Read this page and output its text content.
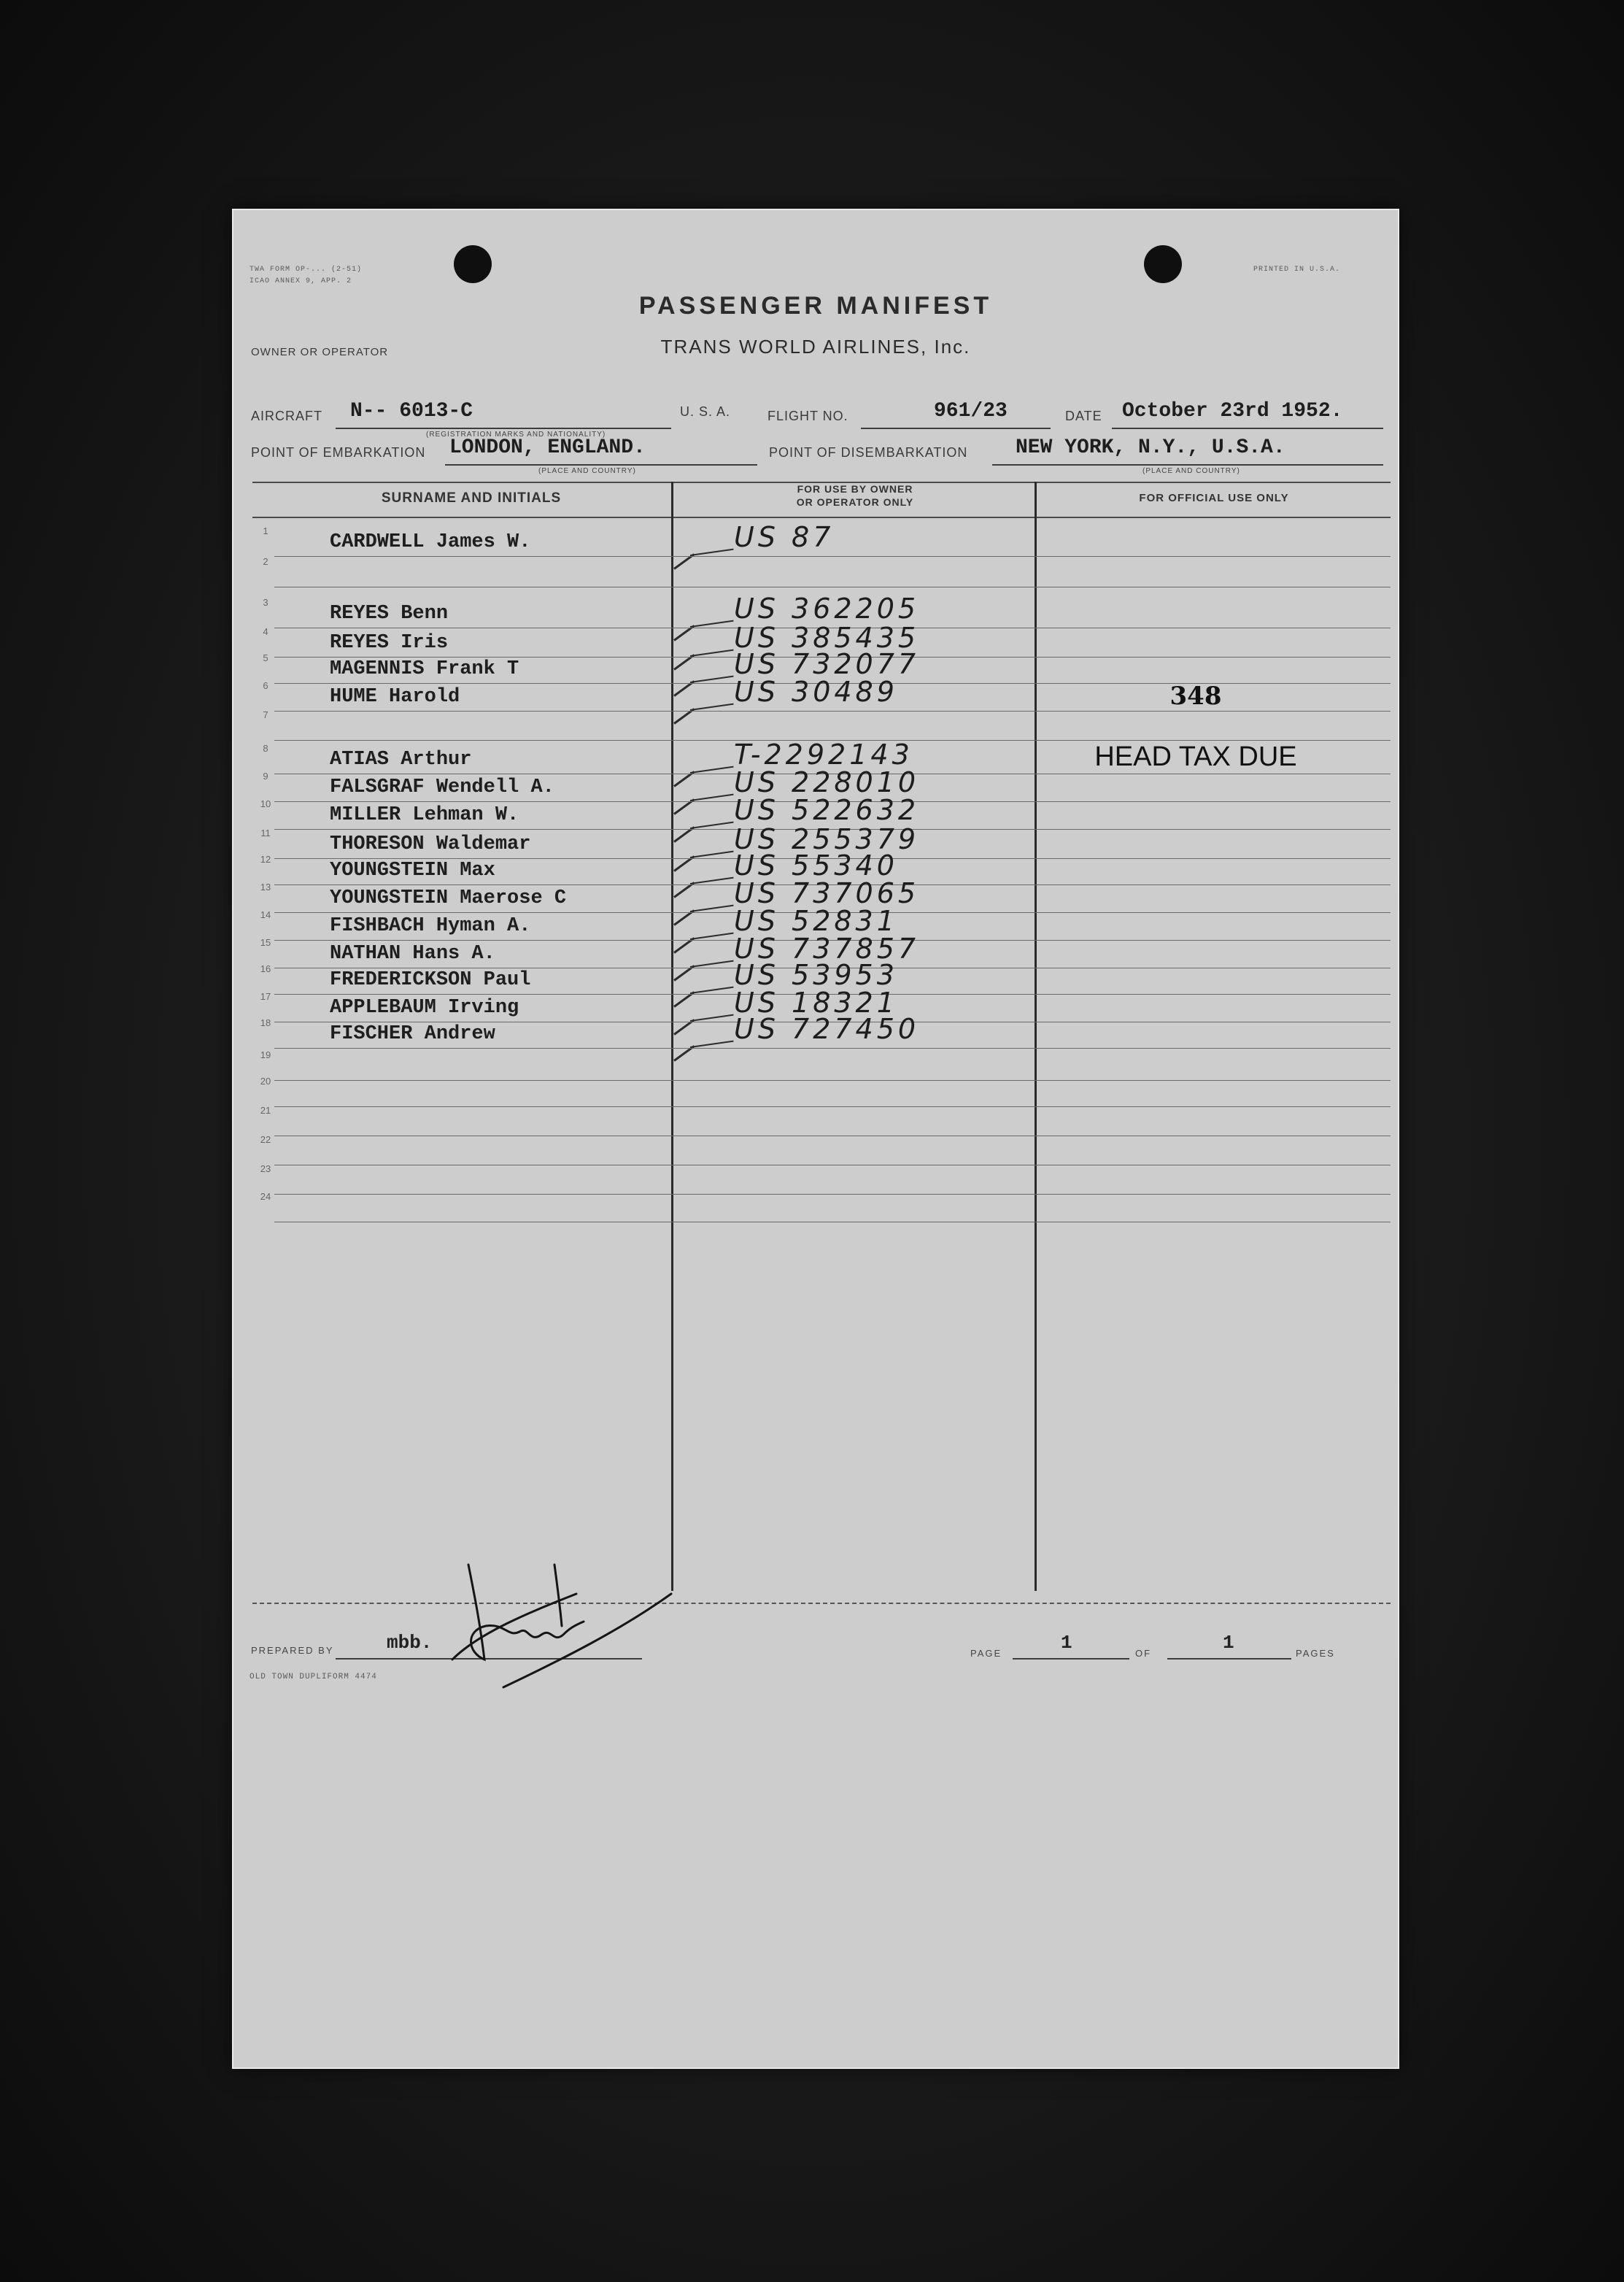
TWA FORM OP-... (2-51)
ICAO ANNEX 9, APP. 2
PRINTED IN U.S.A.
PASSENGER MANIFEST
TRANS WORLD AIRLINES, Inc.
OWNER OR OPERATOR
AIRCRAFT N-- 6013-C
(REGISTRATION MARKS AND NATIONALITY)
U. S. A.	FLIGHT NO.	961/23	DATE October 23rd 1952.
POINT OF EMBARKATION LONDON, ENGLAND.
(PLACE AND COUNTRY)
POINT OF DISEMBARKATION NEW YORK, N.Y., U.S.A.
(PLACE AND COUNTRY)
SURNAME AND INITIALS
FOR USE BY OWNER
OR OPERATOR ONLY	FOR OFFICIAL USE ONLY
1
CARDWELL James W.	US 87
2
3
REYES Benn	US 362205
4
REYES Iris	US 385435
5
MAGENNIS Frank T	US 732077
6
HUME Harold	US 30489	348
7
8
ATIAS Arthur	T-2292143	HEAD TAX DUE
9
FALSGRAF Wendell A.	US 228010
10
MILLER Lehman W.	US 522632
11
THORESON Waldemar	US 255379
12
YOUNGSTEIN Max	US 55340
13
YOUNGSTEIN Maerose C	US 737065
14
FISHBACH Hyman A.	US 52831
15
NATHAN Hans A.	US 737857
16
FREDERICKSON Paul	US 53953
17
APPLEBAUM Irving	US 18321
18
FISCHER Andrew	US 727450
19
20
21
22
23
24
PREPARED BY	mbb.	PAGE	1	OF	1	PAGES
OLD TOWN DUPLIFORM 4474
